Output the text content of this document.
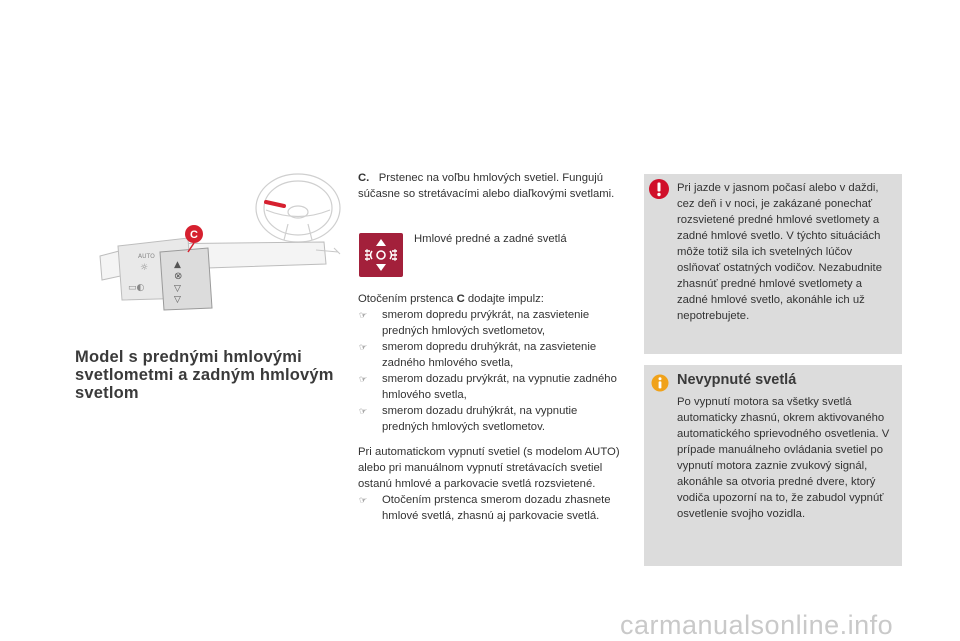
▲
⊗
▽
▽
☼
▭◐
AUTO
C
Model s prednými hmlovými svetlometmi a zadným hmlovým svetlom

C. Prstenec na voľbu hmlových svetiel. Fungujú súčasne so stretávacími alebo diaľkovými svetlami.

Hmlové predné a zadné svetlá

Otočením prstenca C dodajte impulz:

☞ smerom dopredu prvýkrát, na zasvietenie predných hmlových svetlometov,
☞ smerom dopredu druhýkrát, na zasvietenie zadného hmlového svetla,
☞ smerom dozadu prvýkrát, na vypnutie zadného hmlového svetla,
☞ smerom dozadu druhýkrát, na vypnutie predných hmlových svetlometov.

Pri automatickom vypnutí svetiel (s modelom AUTO) alebo pri manuálnom vypnutí stretávacích svetiel ostanú hmlové a parkovacie svetlá rozsvietené.

☞ Otočením prstenca smerom dozadu zhasnete hmlové svetlá, zhasnú aj parkovacie svetlá.
Pri jazde v jasnom počasí alebo v daždi, cez deň i v noci, je zakázané ponechať rozsvietené predné hmlové svetlomety a zadné hmlové svetlo. V týchto situáciách môže totiž sila ich svetelných lúčov oslňovať ostatných vodičov. Nezabudnite zhasnúť predné hmlové svetlomety a zadné hmlové svetlo, akonáhle ich už nepotrebujete.
Nevypnuté svetlá
Po vypnutí motora sa všetky svetlá automaticky zhasnú, okrem aktivovaného automatického sprievodného osvetlenia. V prípade manuálneho ovládania svetiel po vypnutí motora zaznie zvukový signál, akonáhle sa otvoria predné dvere, ktorý vodiča upozorní na to, že zabudol vypnúť osvetlenie svojho vozidla.
carmanualsonline.info
